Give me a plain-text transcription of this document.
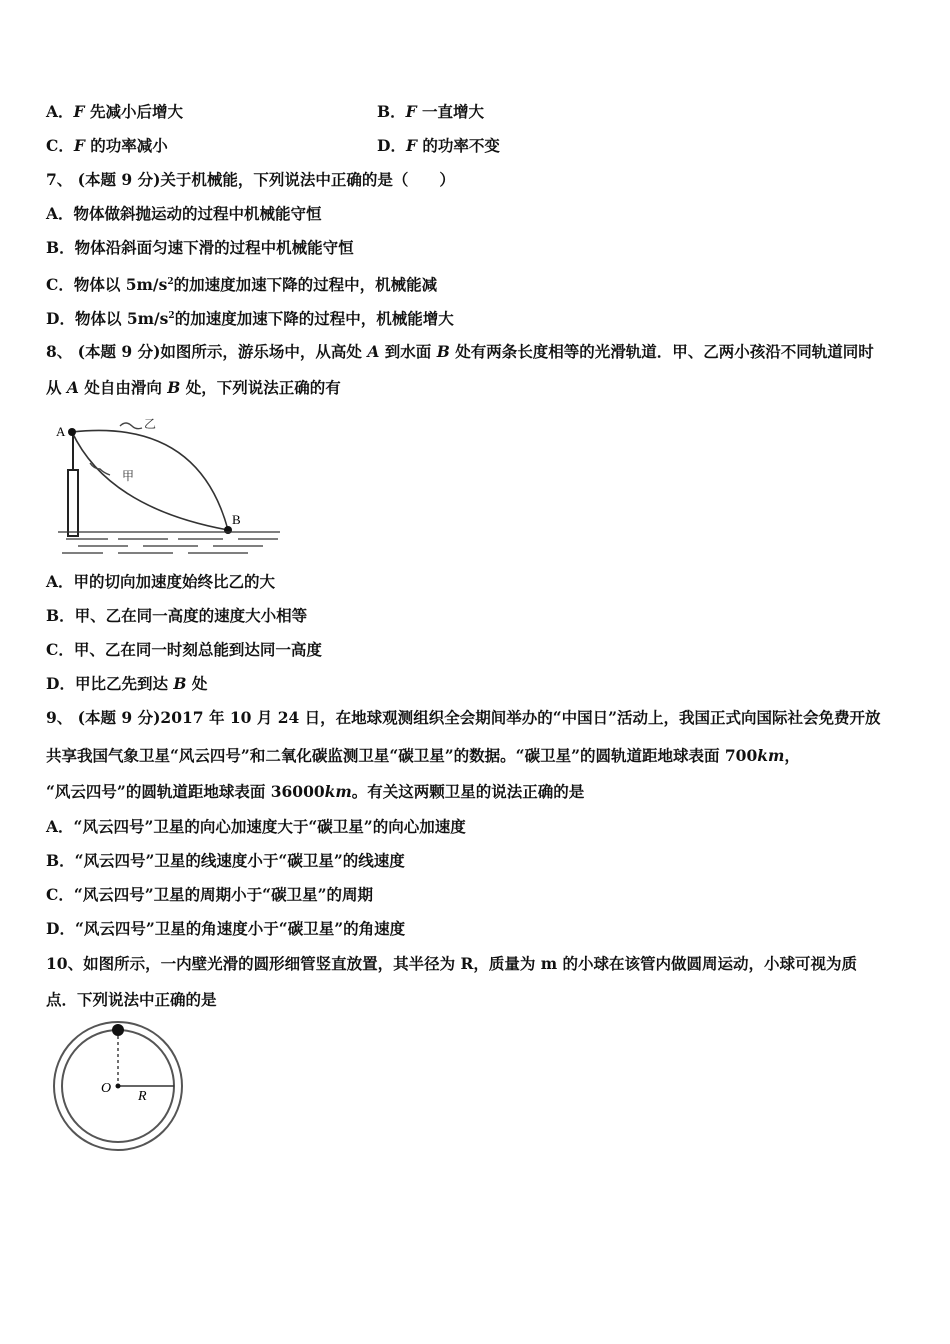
A．F 先减小后增大	B．F 一直增大
C．F 的功率减小	D．F 的功率不变
7、 (本题 9 分)关于机械能，下列说法中正确的是（　　）
A．物体做斜抛运动的过程中机械能守恒
B．物体沿斜面匀速下滑的过程中机械能守恒
C．物体以 $5m/s^2$的加速度加速下降的过程中，机械能减
D．物体以 $5m/s^2$的加速度加速下降的过程中，机械能增大
8、 (本题 9 分)如图所示，游乐场中，从高处 A 到水面 B 处有两条长度相等的光滑轨道．甲、乙两小孩沿不同轨道同时
从 A 处自由滑向 B 处，下列说法正确的有
A
B
乙
甲
A．甲的切向加速度始终比乙的大
B．甲、乙在同一高度的速度大小相等
C．甲、乙在同一时刻总能到达同一高度
D．甲比乙先到达 B 处
9、 (本题 9 分)2017 年 10 月 24 日，在地球观测组织全会期间举办的“中国日”活动上，我国正式向国际社会免费开放
共享我国气象卫星“风云四号”和二氧化碳监测卫星“碳卫星”的数据。“碳卫星”的圆轨道距地球表面 700km，
“风云四号”的圆轨道距地球表面 36000km。有关这两颗卫星的说法正确的是
A．“风云四号”卫星的向心加速度大于“碳卫星”的向心加速度
B．“风云四号”卫星的线速度小于“碳卫星”的线速度
C．“风云四号”卫星的周期小于“碳卫星”的周期
D．“风云四号”卫星的角速度小于“碳卫星”的角速度
10、如图所示，一内壁光滑的圆形细管竖直放置，其半径为 R，质量为 m 的小球在该管内做圆周运动，小球可视为质
点．下列说法中正确的是
O
R
